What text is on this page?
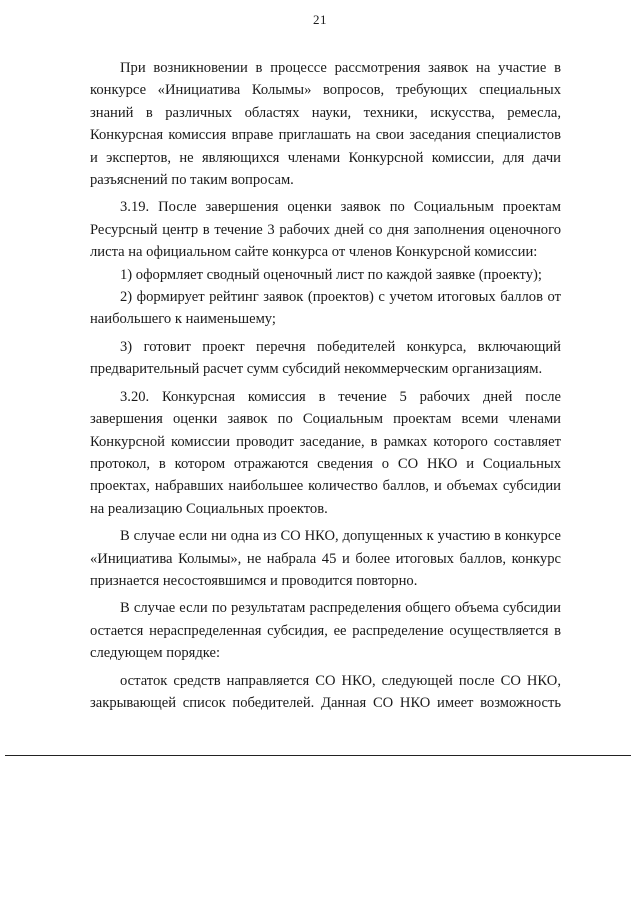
21

При возникновении в процессе рассмотрения заявок на участие в конкурсе «Инициатива Колымы» вопросов, требующих специальных знаний в различных областях науки, техники, искусства, ремесла, Конкурсная комиссия вправе приглашать на свои заседания специалистов и экспертов, не являющихся членами Конкурсной комиссии, для дачи разъяснений по таким вопросам.

3.19. После завершения оценки заявок по Социальным проектам Ресурсный центр в течение 3 рабочих дней со дня заполнения оценочного листа на официальном сайте конкурса от членов Конкурсной комиссии:

1) оформляет сводный оценочный лист по каждой заявке (проекту);

2) формирует рейтинг заявок (проектов) с учетом итоговых баллов от наибольшего к наименьшему;

3) готовит проект перечня победителей конкурса, включающий предварительный расчет сумм субсидий некоммерческим организациям.

3.20. Конкурсная комиссия в течение 5 рабочих дней после завершения оценки заявок по Социальным проектам всеми членами Конкурсной комиссии проводит заседание, в рамках которого составляет протокол, в котором отражаются сведения о СО НКО и Социальных проектах, набравших наибольшее количество баллов, и объемах субсидии на реализацию Социальных проектов.

В случае если ни одна из СО НКО, допущенных к участию в конкурсе «Инициатива Колымы», не набрала 45 и более итоговых баллов, конкурс признается несостоявшимся и проводится повторно.

В случае если по результатам распределения общего объема субсидии остается нераспределенная субсидия, ее распределение осуществляется в следующем порядке:

остаток средств направляется СО НКО, следующей после СО НКО, закрывающей список победителей. Данная СО НКО имеет возможность
